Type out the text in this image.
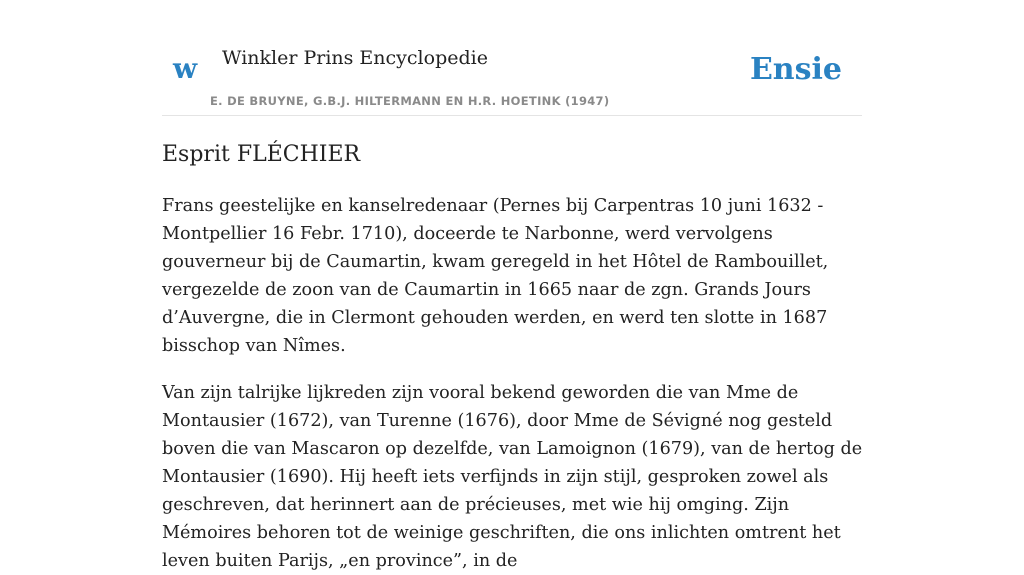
w Winkler Prins Encyclopedie
E. DE BRUYNE, G.B.J. HILTERMANN EN H.R. HOETINK (1947)
Ensie
Esprit FLÉCHIER

Frans geestelijke en kanselredenaar (Pernes bij Carpentras 10 juni 1632 - Montpellier 16 Febr. 1710), doceerde te Narbonne, werd vervolgens gouverneur bij de Caumartin, kwam geregeld in het Hôtel de Rambouillet, vergezelde de zoon van de Caumartin in 1665 naar de zgn. Grands Jours d’Auvergne, die in Clermont gehouden werden, en werd ten slotte in 1687 bisschop van Nîmes.

Van zijn talrijke lijkreden zijn vooral bekend geworden die van Mme de Montausier (1672), van Turenne (1676), door Mme de Sévigné nog gesteld boven die van Mascaron op dezelfde, van Lamoignon (1679), van de hertog de Montausier (1690). Hij heeft iets verfijnds in zijn stijl, gesproken zowel als geschreven, dat herinnert aan de précieuses, met wie hij omging. Zijn Mémoires behoren tot de weinige geschriften, die ons inlichten omtrent het leven buiten Parijs, „en province”, in de
